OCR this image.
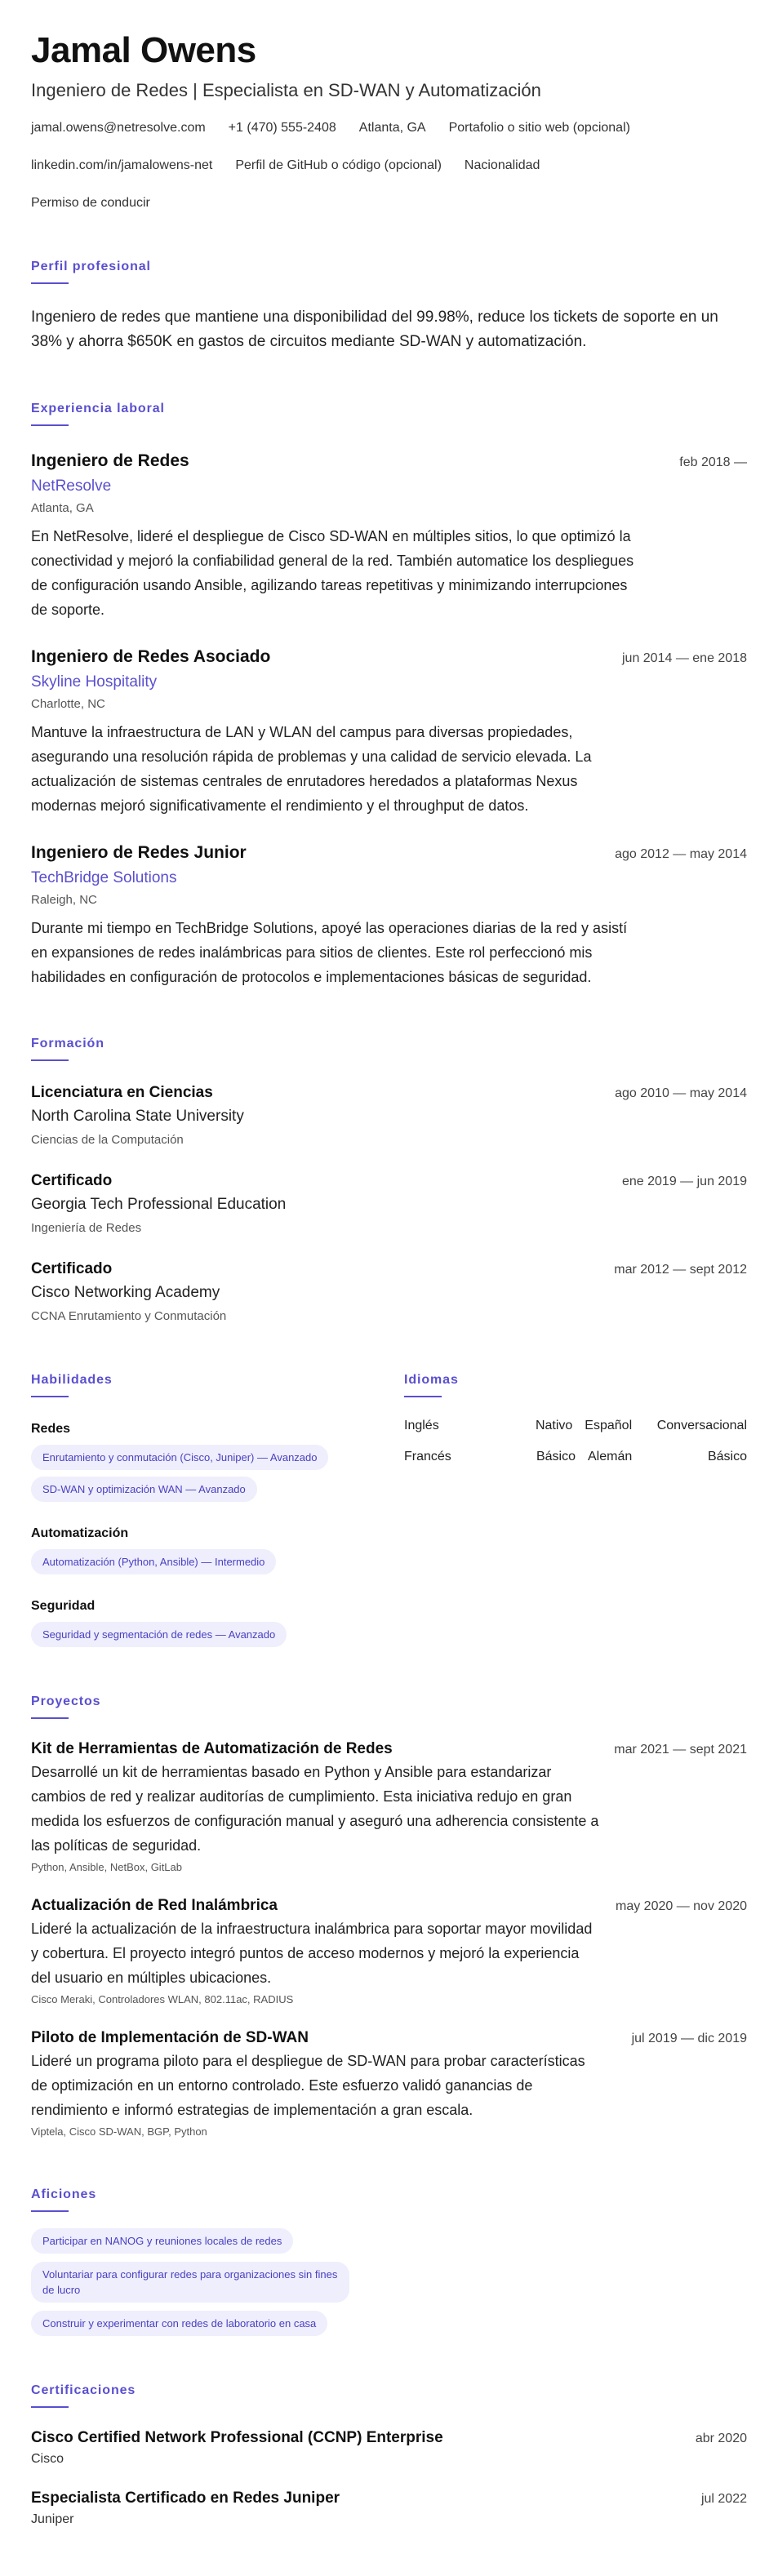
Jamal Owens
Ingeniero de Redes | Especialista en SD-WAN y Automatización
jamal.owens@netresolve.com +1 (470) 555-2408 Atlanta, GA Portafolio o sitio web (opcional)
linkedin.com/in/jamalowens-net Perfil de GitHub o código (opcional) Nacionalidad
Permiso de conducir
Perfil profesional
Ingeniero de redes que mantiene una disponibilidad del 99.98%, reduce los tickets de soporte en un 38% y ahorra $650K en gastos de circuitos mediante SD-WAN y automatización.
Experiencia laboral
Ingeniero de Redes	feb 2018 —
NetResolve
Atlanta, GA
En NetResolve, lideré el despliegue de Cisco SD-WAN en múltiples sitios, lo que optimizó la conectividad y mejoró la confiabilidad general de la red. También automatice los despliegues de configuración usando Ansible, agilizando tareas repetitivas y minimizando interrupciones de soporte.
Ingeniero de Redes Asociado	jun 2014 — ene 2018
Skyline Hospitality
Charlotte, NC
Mantuve la infraestructura de LAN y WLAN del campus para diversas propiedades, asegurando una resolución rápida de problemas y una calidad de servicio elevada. La actualización de sistemas centrales de enrutadores heredados a plataformas Nexus modernas mejoró significativamente el rendimiento y el throughput de datos.
Ingeniero de Redes Junior	ago 2012 — may 2014
TechBridge Solutions
Raleigh, NC
Durante mi tiempo en TechBridge Solutions, apoyé las operaciones diarias de la red y asistí en expansiones de redes inalámbricas para sitios de clientes. Este rol perfeccionó mis habilidades en configuración de protocolos e implementaciones básicas de seguridad.
Formación
Licenciatura en Ciencias	ago 2010 — may 2014
North Carolina State University
Ciencias de la Computación
Certificado	ene 2019 — jun 2019
Georgia Tech Professional Education
Ingeniería de Redes
Certificado	mar 2012 — sept 2012
Cisco Networking Academy
CCNA Enrutamiento y Conmutación
Habilidades
Redes
Enrutamiento y conmutación (Cisco, Juniper) — Avanzado
SD-WAN y optimización WAN — Avanzado
Automatización
Automatización (Python, Ansible) — Intermedio
Seguridad
Seguridad y segmentación de redes — Avanzado
Idiomas
Inglés	Nativo Español	Conversacional
Francés	Básico Alemán	Básico
Proyectos
Kit de Herramientas de Automatización de Redes	mar 2021 — sept 2021
Desarrollé un kit de herramientas basado en Python y Ansible para estandarizar cambios de red y realizar auditorías de cumplimiento. Esta iniciativa redujo en gran medida los esfuerzos de configuración manual y aseguró una adherencia consistente a las políticas de seguridad.
Python, Ansible, NetBox, GitLab
Actualización de Red Inalámbrica	may 2020 — nov 2020
Lideré la actualización de la infraestructura inalámbrica para soportar mayor movilidad y cobertura. El proyecto integró puntos de acceso modernos y mejoró la experiencia del usuario en múltiples ubicaciones.
Cisco Meraki, Controladores WLAN, 802.11ac, RADIUS
Piloto de Implementación de SD-WAN	jul 2019 — dic 2019
Lideré un programa piloto para el despliegue de SD-WAN para probar características de optimización en un entorno controlado. Este esfuerzo validó ganancias de rendimiento e informó estrategias de implementación a gran escala.
Viptela, Cisco SD-WAN, BGP, Python
Aficiones
Participar en NANOG y reuniones locales de redes
Voluntariar para configurar redes para organizaciones sin fines de lucro
Construir y experimentar con redes de laboratorio en casa
Certificaciones
Cisco Certified Network Professional (CCNP) Enterprise	abr 2020
Cisco
Especialista Certificado en Redes Juniper	jul 2022
Juniper
